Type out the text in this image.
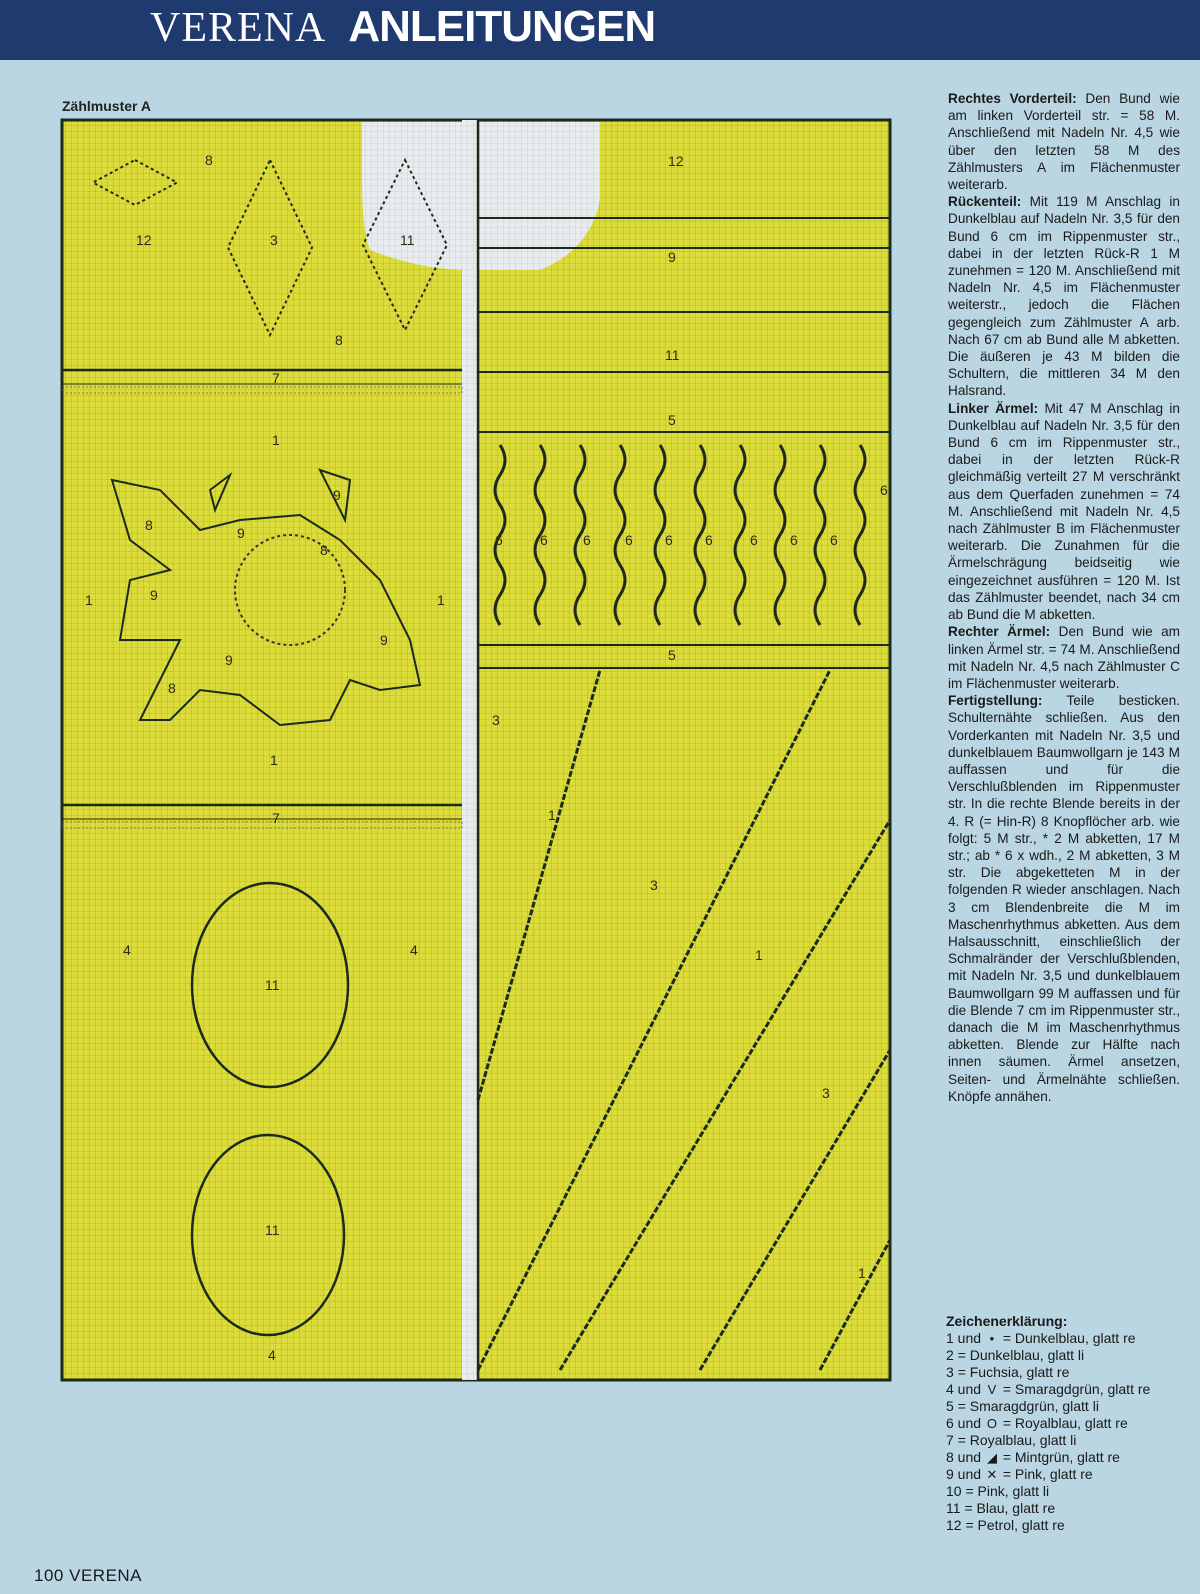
VERENA ANLEITUNGEN
Zählmuster A
8
12	3	11
8
7
1
9
9
8
8
9
9
9
8
1	1
1
7
4	4
11
11
4
12
9
11
5
6	6	6 6 6 6	6 6 6
6
5
3
1
3
1
3
1

Rechtes Vorderteil: Den Bund wie am linken Vorderteil str. = 58 M. Anschließend mit Nadeln Nr. 4,5 wie über den letzten 58 M des Zählmusters A im Flächenmuster weiterarb.

Rückenteil: Mit 119 M Anschlag in Dunkelblau auf Nadeln Nr. 3,5 für den Bund 6 cm im Rippenmuster str., dabei in der letzten Rück-R 1 M zunehmen = 120 M. Anschließend mit Nadeln Nr. 4,5 im Flächenmuster weiterstr., jedoch die Flächen gegengleich zum Zählmuster A arb. Nach 67 cm ab Bund alle M abketten. Die äußeren je 43 M bilden die Schultern, die mittleren 34 M den Halsrand.

Linker Ärmel: Mit 47 M Anschlag in Dunkelblau auf Nadeln Nr. 3,5 für den Bund 6 cm im Rippenmuster str., dabei in der letzten Rück-R gleichmäßig verteilt 27 M verschränkt aus dem Querfaden zunehmen = 74 M. Anschließend mit Nadeln Nr. 4,5 nach Zählmuster B im Flächenmuster weiterarb. Die Zunahmen für die Ärmelschrägung beidseitig wie eingezeichnet ausführen = 120 M. Ist das Zählmuster beendet, nach 34 cm ab Bund die M abketten.

Rechter Ärmel: Den Bund wie am linken Ärmel str. = 74 M. Anschließend mit Nadeln Nr. 4,5 nach Zählmuster C im Flächenmuster weiterarb.

Fertigstellung: Teile besticken. Schulternähte schließen. Aus den Vorderkanten mit Nadeln Nr. 3,5 und dunkelblauem Baumwollgarn je 143 M auffassen und für die Verschlußblenden im Rippenmuster str. In die rechte Blende bereits in der 4. R (= Hin-R) 8 Knopflöcher arb. wie folgt: 5 M str., * 2 M abketten, 17 M str.; ab * 6 x wdh., 2 M abketten, 3 M str. Die abgeketteten M in der folgenden R wieder anschlagen. Nach 3 cm Blendenbreite die M im Maschenrhythmus abketten. Aus dem Halsausschnitt, einschließlich der Schmalränder der Verschlußblenden, mit Nadeln Nr. 3,5 und dunkelblauem Baumwollgarn 99 M auffassen und für die Blende 7 cm im Rippenmuster str., danach die M im Maschenrhythmus abketten. Blende zur Hälfte nach innen säumen. Ärmel ansetzen, Seiten- und Ärmelnähte schließen. Knöpfe annähen.

Zeichenerklärung:
1 und • = Dunkelblau, glatt re
2 = Dunkelblau, glatt li
3 = Fuchsia, glatt re
4 und V = Smaragdgrün, glatt re
5 = Smaragdgrün, glatt li
6 und O = Royalblau, glatt re
7 = Royalblau, glatt li
8 und ◢ = Mintgrün, glatt re
9 und ✕ = Pink, glatt re
10 = Pink, glatt li
11 = Blau, glatt re
12 = Petrol, glatt re
100 VERENA
